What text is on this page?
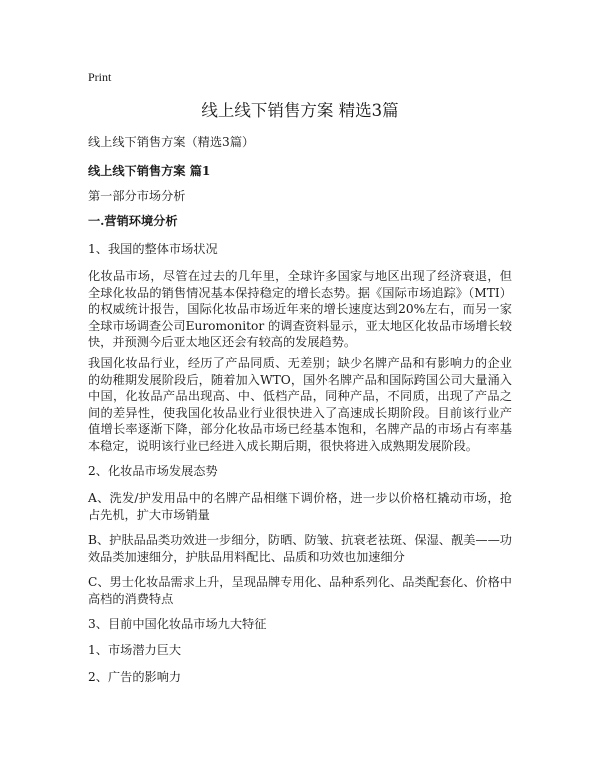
Print
线上线下销售方案 精选3篇

线上线下销售方案（精选3篇）

线上线下销售方案 篇1

第一部分市场分析

一.营销环境分析

1、我国的整体市场状况

化妆品市场，尽管在过去的几年里，全球许多国家与地区出现了经济衰退，但全球化妆品的销售情况基本保持稳定的增长态势。据《国际市场追踪》（MTI）的权威统计报告，国际化妆品市场近年来的增长速度达到20%左右，而另一家全球市场调查公司Euromonitor 的调查资料显示，亚太地区化妆品市场增长较快，并预测今后亚太地区还会有较高的发展趋势。

我国化妆品行业，经历了产品同质、无差别；缺少名牌产品和有影响力的企业的幼稚期发展阶段后，随着加入WTO，国外名牌产品和国际跨国公司大量涌入中国，化妆品产品出现高、中、低档产品，同种产品，不同质，出现了产品之间的差异性，使我国化妆品业行业很快进入了高速成长期阶段。目前该行业产值增长率逐渐下降，部分化妆品市场已经基本饱和，名牌产品的市场占有率基本稳定，说明该行业已经进入成长期后期，很快将进入成熟期发展阶段。

2、化妆品市场发展态势

A、洗发/护发用品中的名牌产品相继下调价格，进一步以价格杠撬动市场，抢占先机，扩大市场销量

B、护肤品品类功效进一步细分，防晒、防皱、抗衰老祛斑、保湿、靓美——功效品类加速细分，护肤品用料配比、品质和功效也加速细分

C、男士化妆品需求上升，呈现品牌专用化、品种系列化、品类配套化、价格中高档的消费特点

3、目前中国化妆品市场九大特征

1、市场潜力巨大

2、广告的影响力
